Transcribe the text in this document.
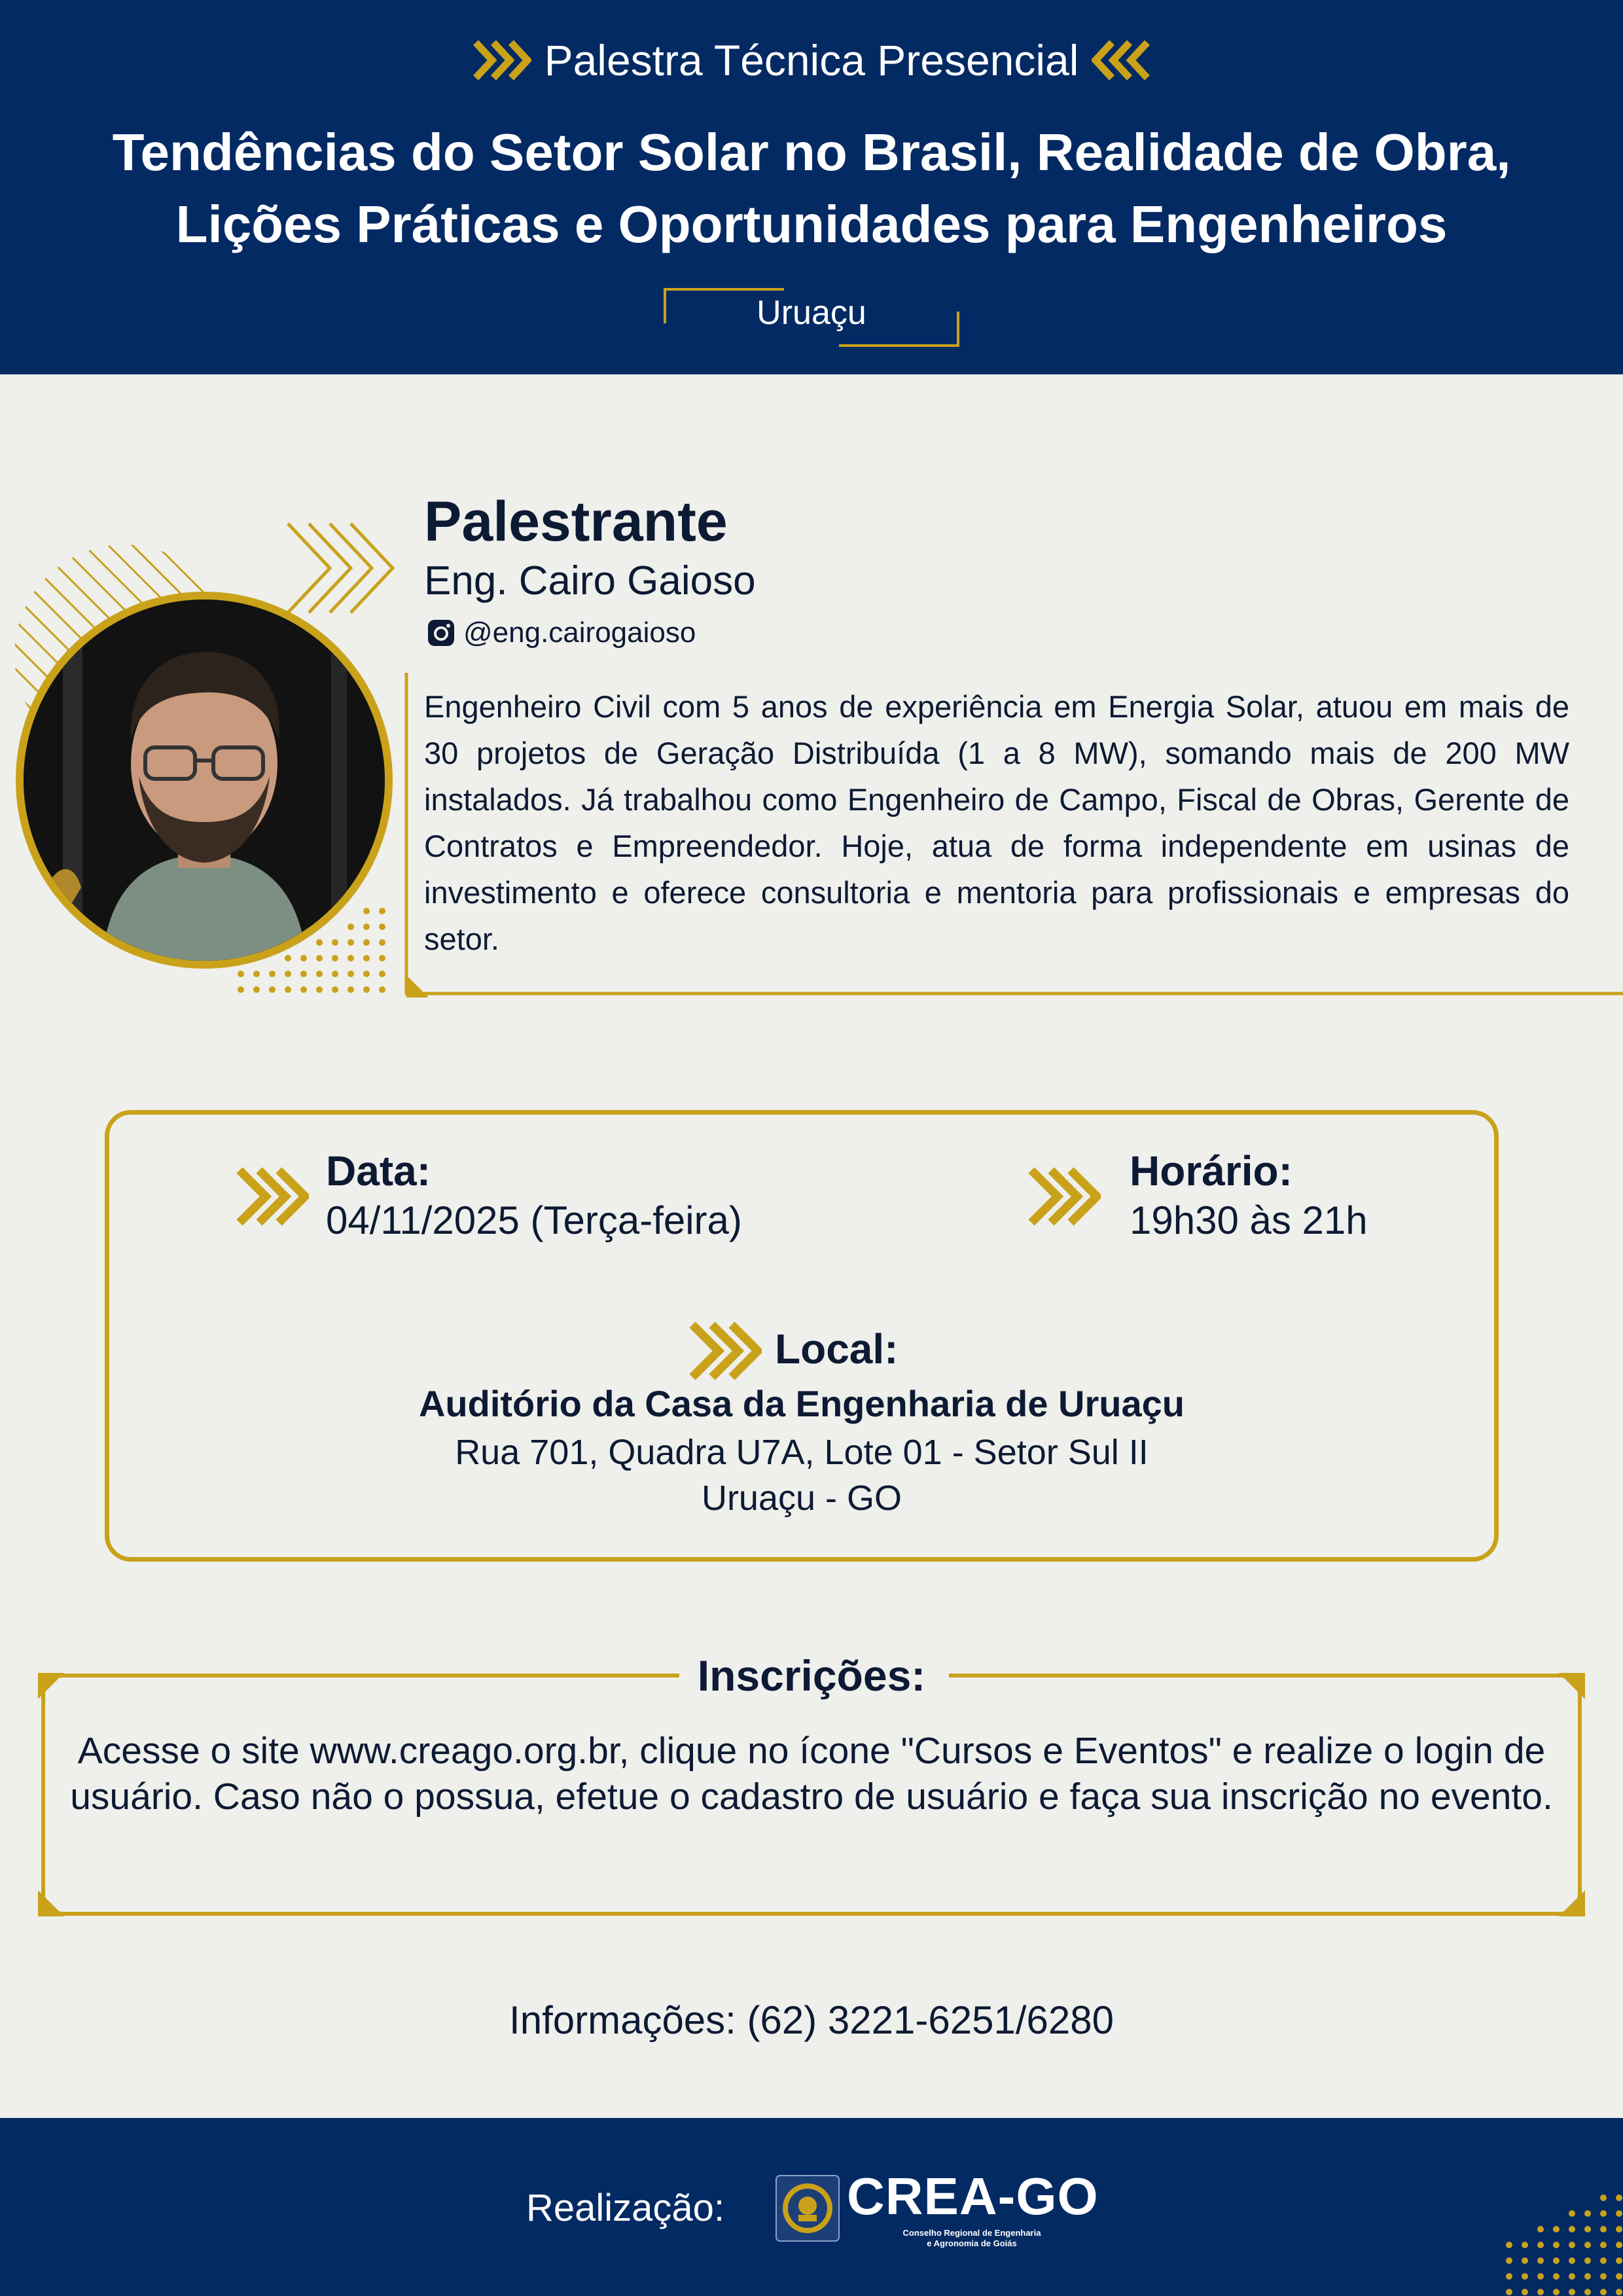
Palestra Técnica Presencial
Tendências do Setor Solar no Brasil, Realidade de Obra,
Lições Práticas e Oportunidades para Engenheiros
Uruaçu
Palestrante
Eng. Cairo Gaioso
@eng.cairogaioso
Engenheiro Civil com 5 anos de experiência em Energia Solar, atuou em mais de 30 projetos de Geração Distribuída (1 a 8 MW), somando mais de 200 MW instalados. Já trabalhou como Engenheiro de Campo, Fiscal de Obras, Gerente de Contratos e Empreendedor. Hoje, atua de forma independente em usinas de investimento e oferece consultoria e mentoria para profissionais e empresas do setor.
Data:
04/11/2025 (Terça-feira)
Horário:
19h30 às 21h
Local:
Auditório da Casa da Engenharia de Uruaçu
Rua 701, Quadra U7A, Lote 01 - Setor Sul II
Uruaçu - GO
Inscrições:
Acesse o site www.creago.org.br, clique no ícone "Cursos e Eventos" e realize o login de usuário. Caso não o possua, efetue o cadastro de usuário e faça sua inscrição no evento.
Informações: (62) 3221-6251/6280
Realização: CREA-GO
Conselho Regional de Engenharia
e Agronomia de Goiás
